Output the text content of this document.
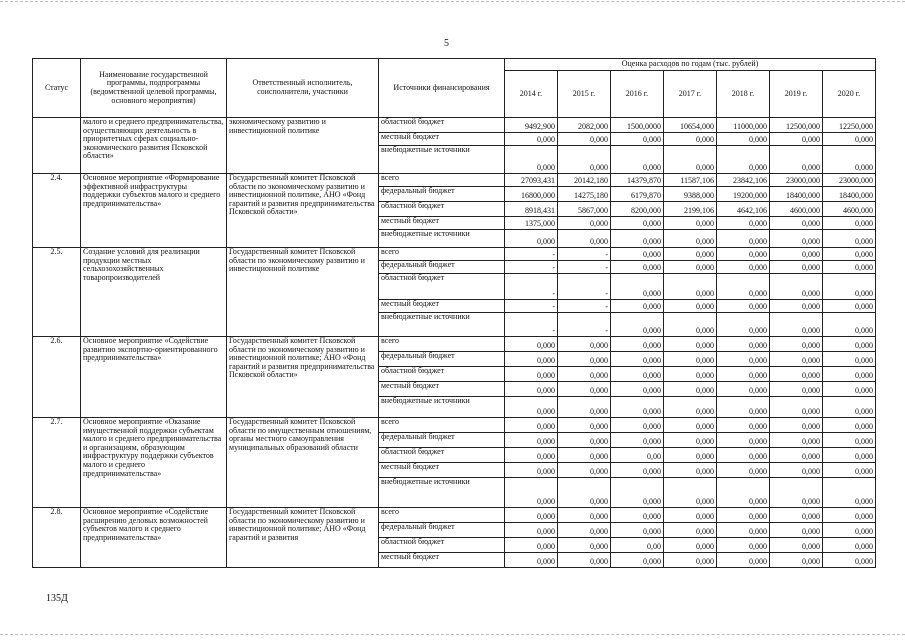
5
Статус	Наименование государственной программы, подпрограммы (ведомственной целевой программы, основного мероприятия)	Ответственный исполнитель, соисполнители, участники	Источники финансирования	Оценка расходов по годам (тыс. рублей)						
				2014 г.	2015 г.	2016 г.	2017 г.	2018 г.	2019 г.	2020 г.
	малого и среднего предпринимательства, осуществляющих деятельность в приоритетных сферах социально-экономического развития Псковской области»	экономическому развитию и инвестиционной политике	областной бюджет	9492,900	2082,000	1500,0000	10654,000	11000,000	12500,000	12250,000
			местный бюджет	0,000	0,000	0,000	0,000	0,000	0,000	0,000
			внебюджетные источники	0,000	0,000	0,000	0,000	0,000	0,000	0,000
2.4.	Основное мероприятие «Формирование эффективной инфраструктуры поддержки субъектов малого и среднего предпринимательства»	Государственный комитет Псковской области по экономическому развитию и инвестиционной политике, АНО «Фонд гарантий и развития предпринимательства Псковской области»	всего	27093,431	20142,180	14379,870	11587,106	23842,106	23000,000	23000,000
			федеральный бюджет	16800,000	14275,180	6179,870	9388,000	19200,000	18400,000	18400,000
			областной бюджет	8918,431	5867,000	8200,000	2199,106	4642,106	4600,000	4600,000
			местный бюджет	1375,000	0,000	0,000	0,000	0,000	0,000	0,000
			внебюджетные источники	0,000	0,000	0,000	0,000	0,000	0,000	0,000
2.5.	Создание условий для реализации продукции местных сельхозохозяйственных товаропроизводителей	Государственный комитет Псковской области по экономическому развитию и инвестиционной политике	всего	-	-	0,000	0,000	0,000	0,000	0,000
			федеральный бюджет	-	-	0,000	0,000	0,000	0,000	0,000
			областной бюджет	-	-	0,000	0,000	0,000	0,000	0,000
			местный бюджет	-	-	0,000	0,000	0,000	0,000	0,000
			внебюджетные источники	-	-	0,000	0,000	0,000	0,000	0,000
2.6.	Основное мероприятие «Содействие развитию экспортно-ориентированного предпринимательства»	Государственный комитет Псковской области по экономическому развитию и инвестиционной политике; АНО «Фонд гарантий и развития предпринимательства Псковской области»	всего	0,000	0,000	0,000	0,000	0,000	0,000	0,000
			федеральный бюджет	0,000	0,000	0,000	0,000	0,000	0,000	0,000
			областной бюджет	0,000	0,000	0,000	0,000	0,000	0,000	0,000
			местный бюджет	0,000	0,000	0,000	0,000	0,000	0,000	0,000
			внебюджетные источники	0,000	0,000	0,000	0,000	0,000	0,000	0,000
2.7.	Основное мероприятие «Оказание имущественной поддержки субъектам малого и среднего предпринимательства и организациям, образующим инфраструктуру поддержки субъектов малого и среднего предпринимательства»	Государственный комитет Псковской области по имущественным отношениям, органы местного самоуправления муниципальных образований области	всего	0,000	0,000	0,000	0,000	0,000	0,000	0,000
			федеральный бюджет	0,000	0,000	0,000	0,000	0,000	0,000	0,000
			областной бюджет	0,000	0,000	0,00	0,000	0,000	0,000	0,000
			местный бюджет	0,000	0,000	0,000	0,000	0,000	0,000	0,000
			внебюджетные источники	0,000	0,000	0,000	0,000	0,000	0,000	0,000
2.8.	Основное мероприятие «Содействие расширению деловых возможностей субъектов малого и среднего предпринимательства»	Государственный комитет Псковской области по экономическому развитию и инвестиционной политике; АНО «Фонд гарантий и развития	всего	0,000	0,000	0,000	0,000	0,000	0,000	0,000
			федеральный бюджет	0,000	0,000	0,000	0,000	0,000	0,000	0,000
			областной бюджет	0,000	0,000	0,00	0,000	0,000	0,000	0,000
			местный бюджет	0,000	0,000	0,000	0,000	0,000	0,000	0,000
135Д
